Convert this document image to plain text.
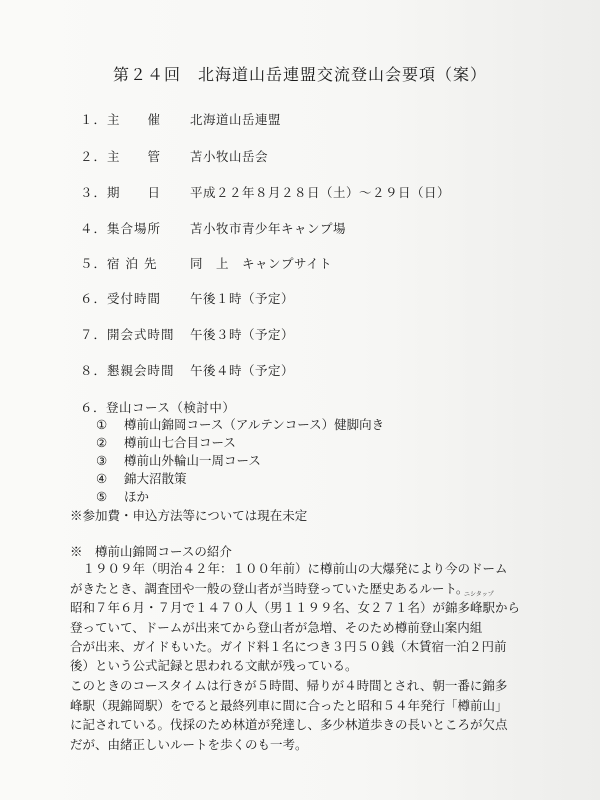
第２４回　北海道山岳連盟交流登山会要項（案）
１．主　　催 北海道山岳連盟
２．主　　管 苫小牧山岳会
３．期　　日 平成２２年８月２８日（土）～２９日（日）
４．集合場所 苫小牧市青少年キャンプ場
５．宿 泊 先	同　上　キャンプサイト
６．受付時間 午後１時（予定）
７．開会式時間 午後３時（予定）
８．懇親会時間 午後４時（予定）
６．登山コース（検討中）
① 樽前山錦岡コース（アルテンコース）健脚向き
② 樽前山七合目コース
③ 樽前山外輪山一周コース
④ 錦大沼散策
⑤ ほか
※参加費・申込方法等については現在未定
※　樽前山錦岡コースの紹介
ニシタップ
　１９０９年（明治４２年：１００年前）に樽前山の大爆発により今のドーム
がきたとき、調査団や一般の登山者が当時登っていた歴史あるルート。
昭和７年６月・７月で１４７０人（男１１９９名、女２７１名）が錦多峰駅から
登っていて、ドームが出来てから登山者が急増、そのため樽前登山案内組
合が出来、ガイドもいた。ガイド料１名につき３円５０銭（木賃宿一泊２円前
後）という公式記録と思われる文献が残っている。
このときのコースタイムは行きが５時間、帰りが４時間とされ、朝一番に錦多
峰駅（現錦岡駅）をでると最終列車に間に合ったと昭和５４年発行「樽前山」
に記されている。伐採のため林道が発達し、多少林道歩きの長いところが欠点
だが、由緒正しいルートを歩くのも一考。
